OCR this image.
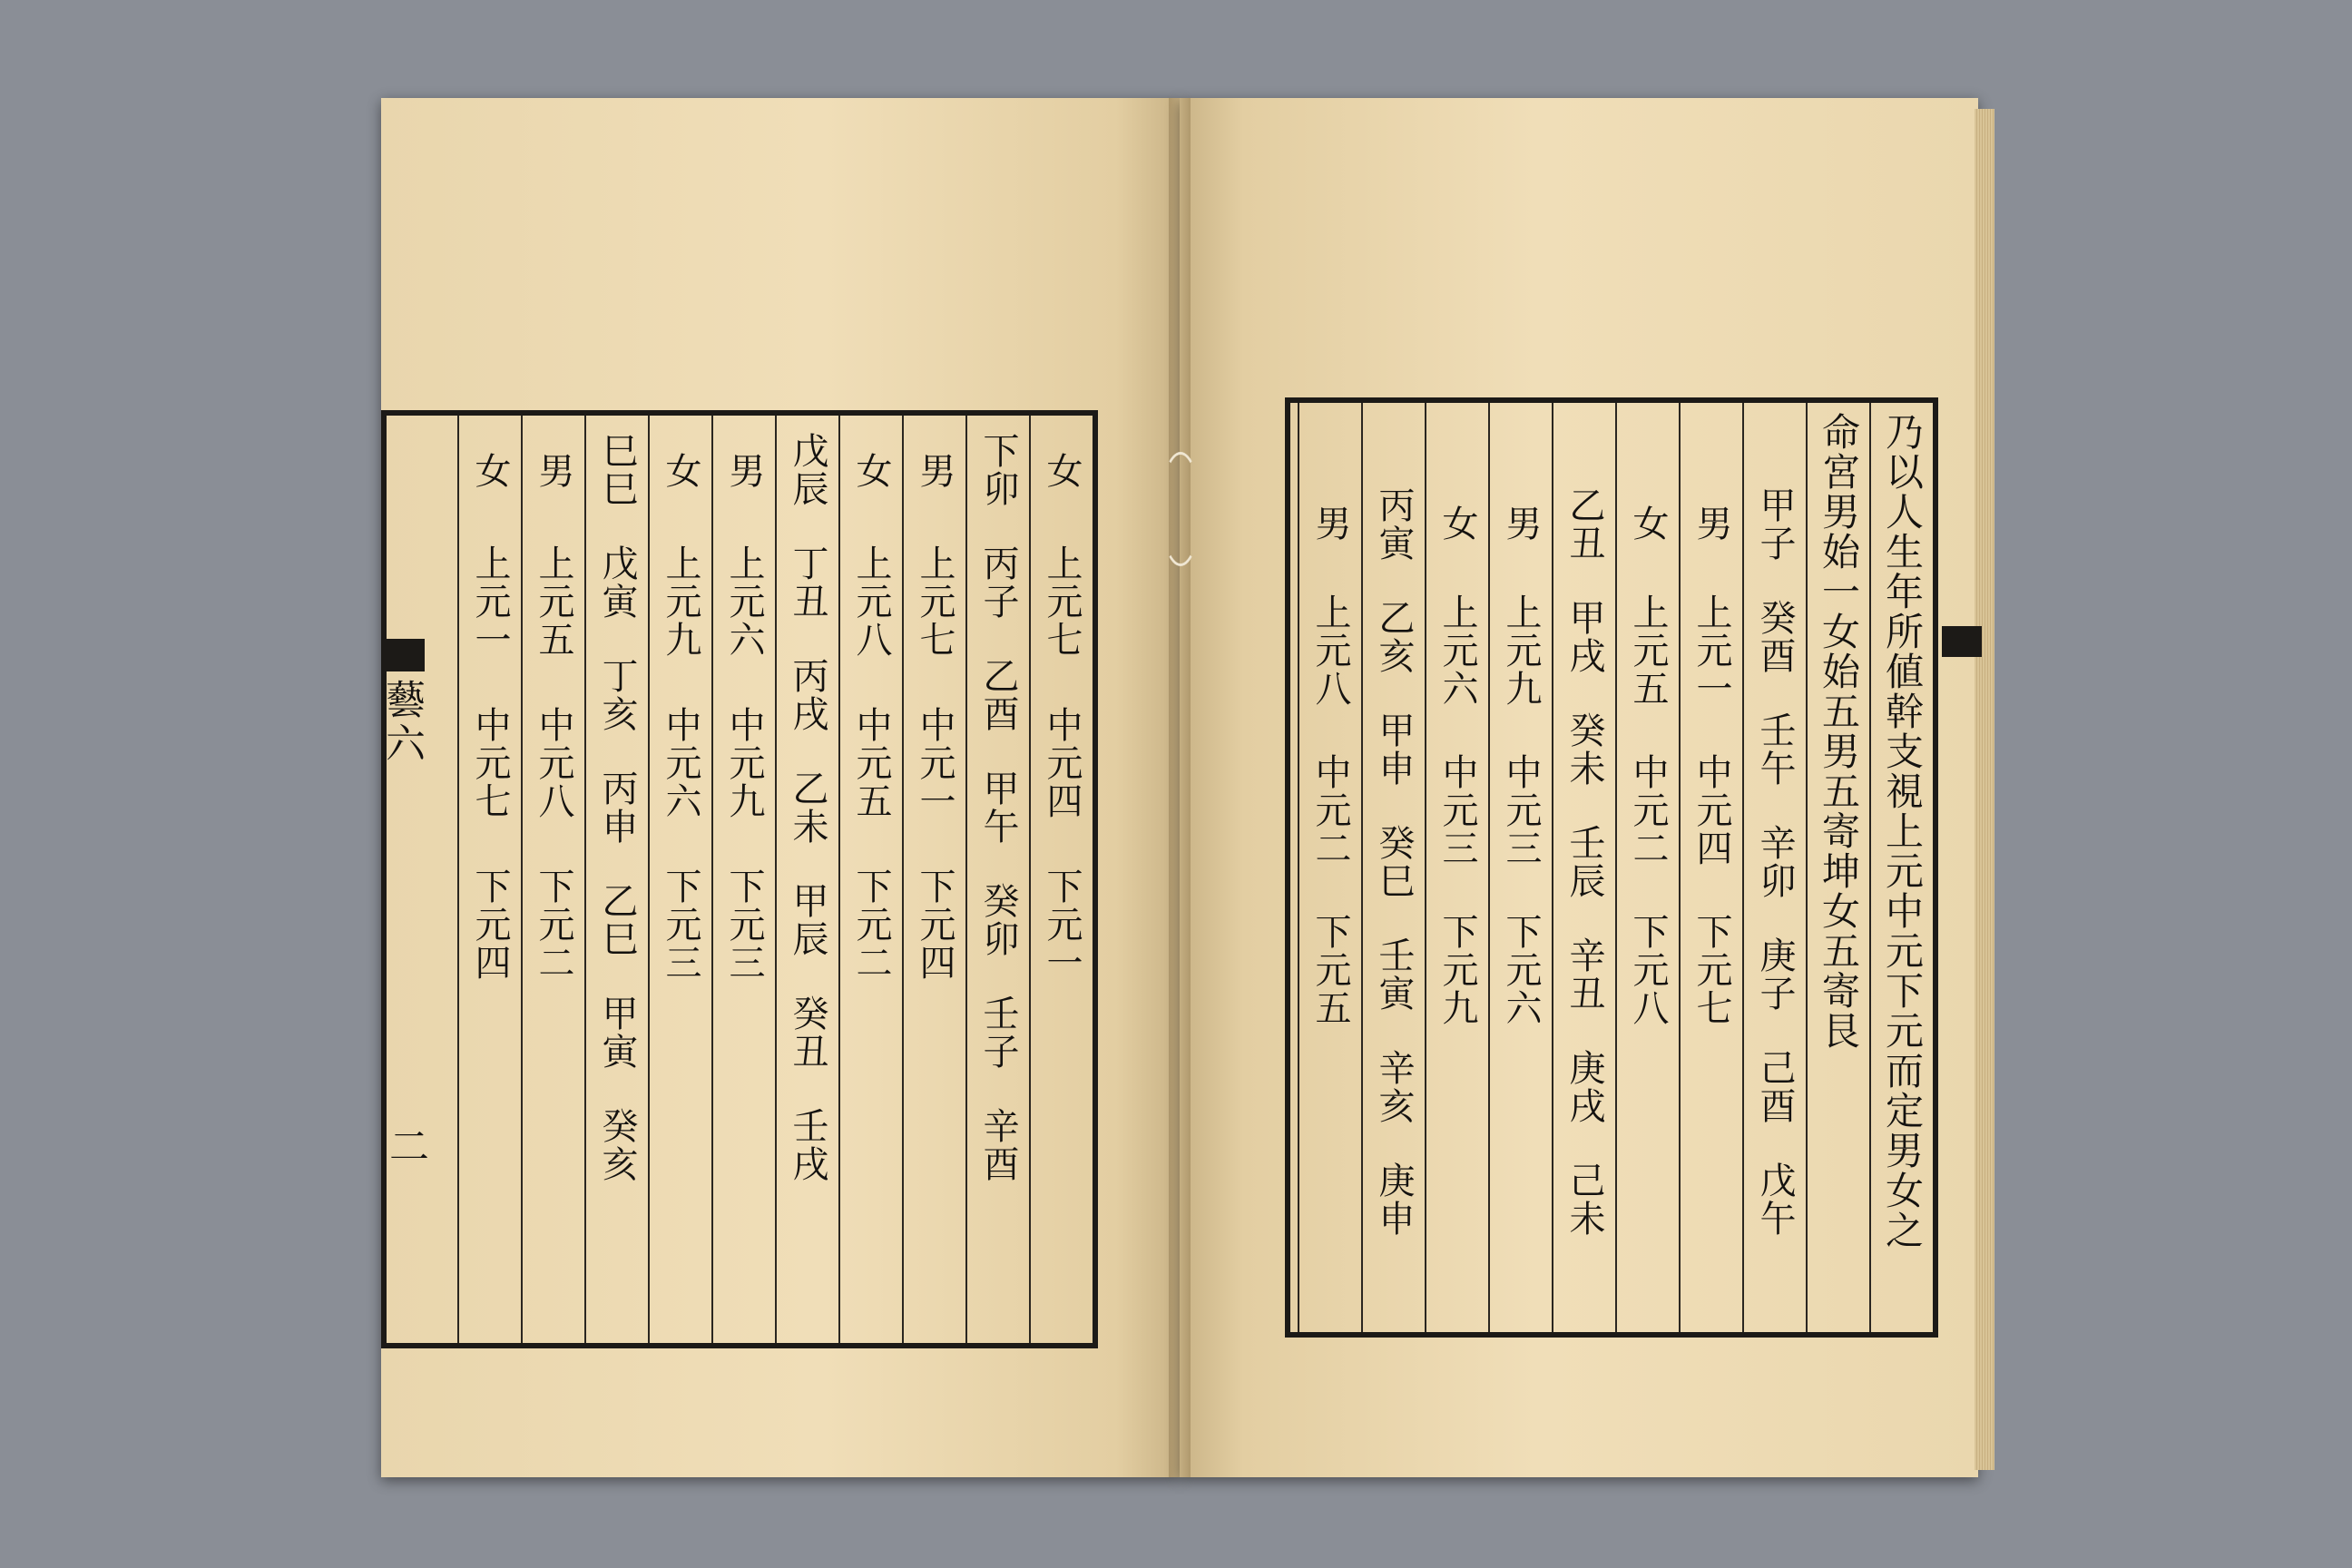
女
上元七
中元四
下元一
下卯
丙子
乙酉
甲午
癸卯
壬子
辛酉
男
上元七
中元一
下元四
女
上元八
中元五
下元二
戊辰
丁丑
丙戌
乙未
甲辰
癸丑
壬戌
男
上元六
中元九
下元三
女
上元九
中元六
下元三
巳巳
戊寅
丁亥
丙申
乙巳
甲寅
癸亥
男
上元五
中元八
下元二
女
上元一
中元七
下元四
藝六
二	乃以人生年所値幹支視上元中元下元而定男女之
命宮男始一女始五男五寄坤女五寄艮
甲子
癸酉
壬午
辛卯
庚子
己酉
戊午
男
上元一
中元四
下元七
女
上元五
中元二
下元八
乙丑
甲戌
癸未
壬辰
辛丑
庚戌
己未
男
上元九
中元三
下元六
女
上元六
中元三
下元九
丙寅
乙亥
甲申
癸巳
壬寅
辛亥
庚申
男
上元八
中元二
下元五
